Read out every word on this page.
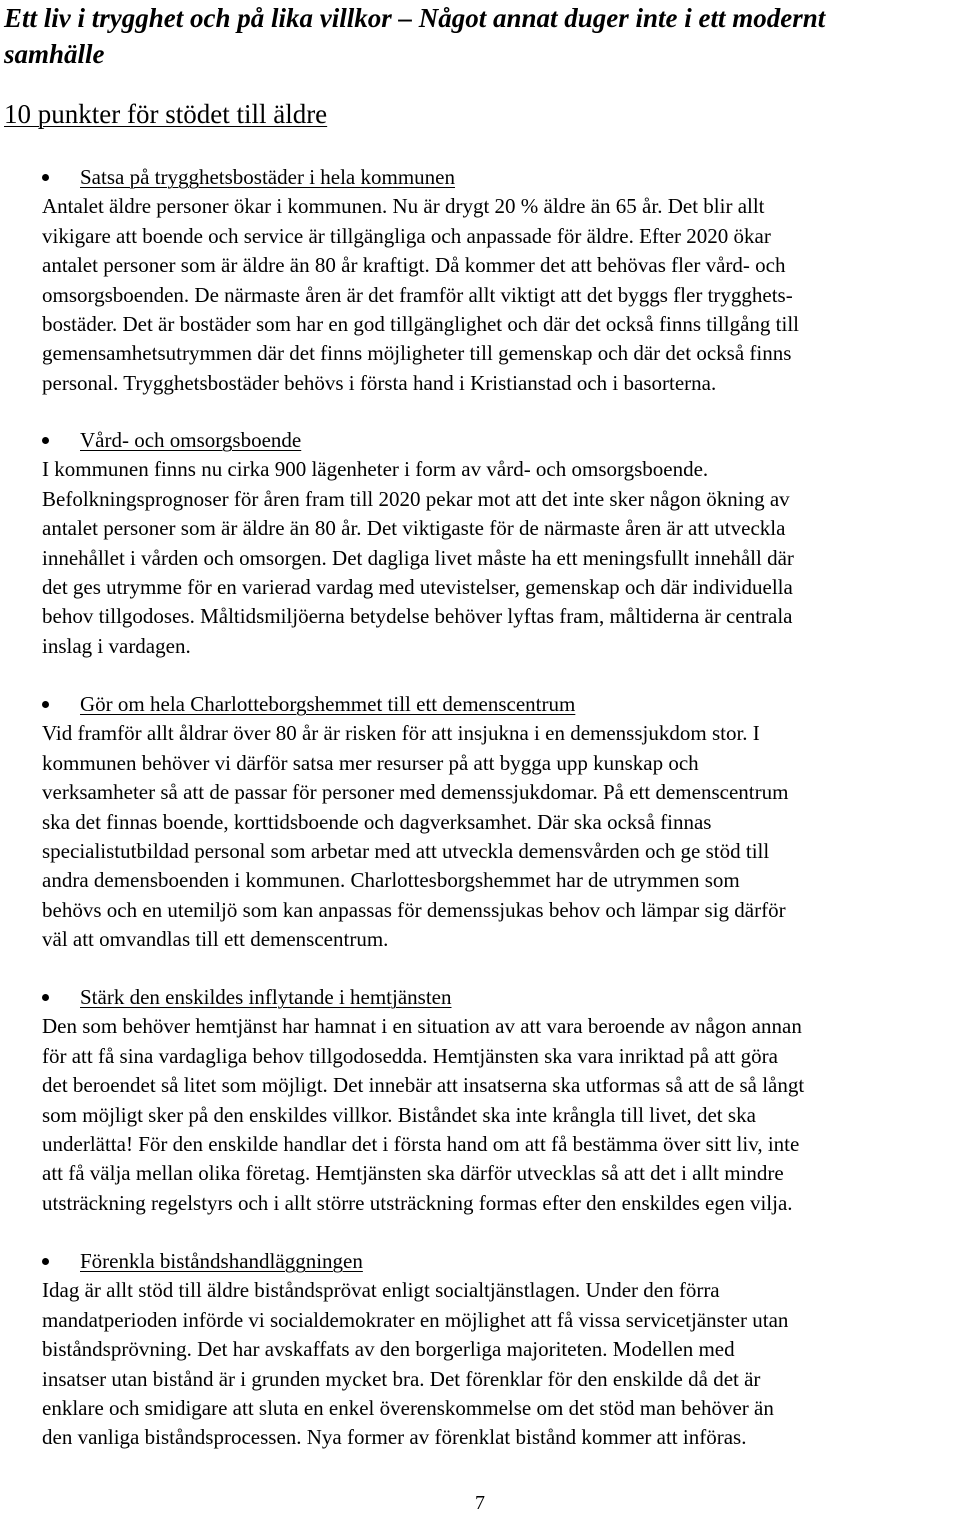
Ett liv i trygghet och på lika villkor – Något annat duger inte i ett modernt
samhälle
10 punkter för stödet till äldre
Satsa på trygghetsbostäder i hela kommunen
Antalet äldre personer ökar i kommunen. Nu är drygt 20 % äldre än 65 år. Det blir allt
vikigare att boende och service är tillgängliga och anpassade för äldre. Efter 2020 ökar
antalet personer som är äldre än 80 år kraftigt. Då kommer det att behövas fler vård- och
omsorgsboenden. De närmaste åren är det framför allt viktigt att det byggs fler trygghets-
bostäder. Det är bostäder som har en god tillgänglighet och där det också finns tillgång till
gemensamhetsutrymmen där det finns möjligheter till gemenskap och där det också finns
personal. Trygghetsbostäder behövs i första hand i Kristianstad och i basorterna.
Vård- och omsorgsboende
I kommunen finns nu cirka 900 lägenheter i form av vård- och omsorgsboende.
Befolkningsprognoser för åren fram till 2020 pekar mot att det inte sker någon ökning av
antalet personer som är äldre än 80 år. Det viktigaste för de närmaste åren är att utveckla
innehållet i vården och omsorgen. Det dagliga livet måste ha ett meningsfullt innehåll där
det ges utrymme för en varierad vardag med utevistelser, gemenskap och där individuella
behov tillgodoses. Måltidsmiljöerna betydelse behöver lyftas fram, måltiderna är centrala
inslag i vardagen.
Gör om hela Charlotteborgshemmet till ett demenscentrum
Vid framför allt åldrar över 80 år är risken för att insjukna i en demenssjukdom stor. I
kommunen behöver vi därför satsa mer resurser på att bygga upp kunskap och
verksamheter så att de passar för personer med demenssjukdomar. På ett demenscentrum
ska det finnas boende, korttidsboende och dagverksamhet. Där ska också finnas
specialistutbildad personal som arbetar med att utveckla demensvården och ge stöd till
andra demensboenden i kommunen. Charlottesborgshemmet har de utrymmen som
behövs och en utemiljö som kan anpassas för demenssjukas behov och lämpar sig därför
väl att omvandlas till ett demenscentrum.
Stärk den enskildes inflytande i hemtjänsten
Den som behöver hemtjänst har hamnat i en situation av att vara beroende av någon annan
för att få sina vardagliga behov tillgodosedda. Hemtjänsten ska vara inriktad på att göra
det beroendet så litet som möjligt. Det innebär att insatserna ska utformas så att de så långt
som möjligt sker på den enskildes villkor. Biståndet ska inte krångla till livet, det ska
underlätta! För den enskilde handlar det i första hand om att få bestämma över sitt liv, inte
att få välja mellan olika företag. Hemtjänsten ska därför utvecklas så att det i allt mindre
utsträckning regelstyrs och i allt större utsträckning formas efter den enskildes egen vilja.
Förenkla biståndshandläggningen
Idag är allt stöd till äldre biståndsprövat enligt socialtjänstlagen. Under den förra
mandatperioden införde vi socialdemokrater en möjlighet att få vissa servicetjänster utan
biståndsprövning. Det har avskaffats av den borgerliga majoriteten. Modellen med
insatser utan bistånd är i grunden mycket bra. Det förenklar för den enskilde då det är
enklare och smidigare att sluta en enkel överenskommelse om det stöd man behöver än
den vanliga biståndsprocessen. Nya former av förenklat bistånd kommer att införas.
7
